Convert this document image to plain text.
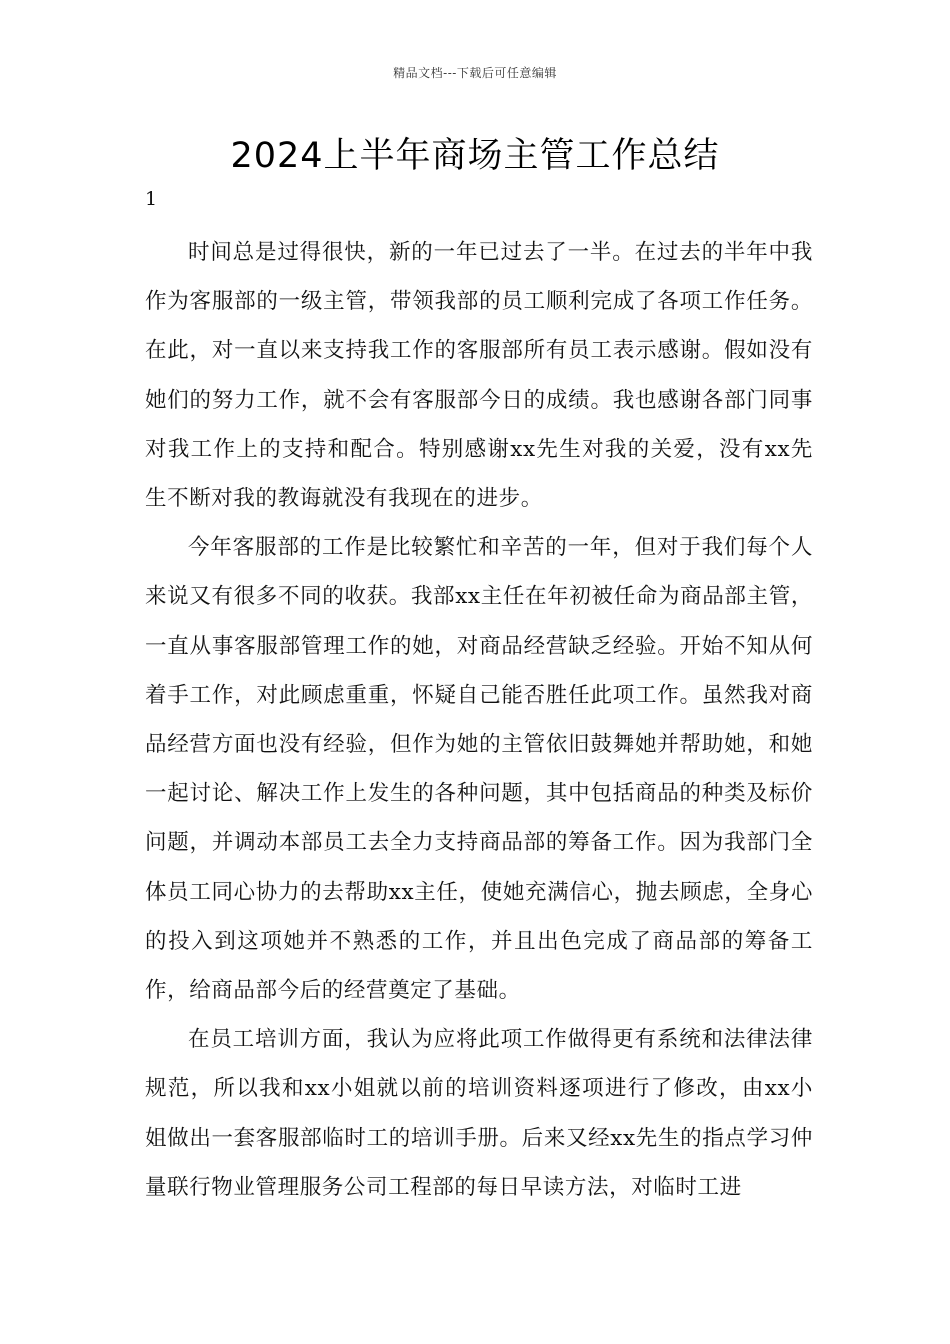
精品文档---下载后可任意编辑
2024上半年商场主管工作总结
1

时间总是过得很快，新的一年已过去了一半。在过去的半年中我作为客服部的一级主管，带领我部的员工顺利完成了各项工作任务。在此，对一直以来支持我工作的客服部所有员工表示感谢。假如没有她们的努力工作，就不会有客服部今日的成绩。我也感谢各部门同事对我工作上的支持和配合。特别感谢xx先生对我的关爱，没有xx先生不断对我的教诲就没有我现在的进步。

今年客服部的工作是比较繁忙和辛苦的一年，但对于我们每个人来说又有很多不同的收获。我部xx主任在年初被任命为商品部主管，一直从事客服部管理工作的她，对商品经营缺乏经验。开始不知从何着手工作，对此顾虑重重，怀疑自己能否胜任此项工作。虽然我对商品经营方面也没有经验，但作为她的主管依旧鼓舞她并帮助她，和她一起讨论、解决工作上发生的各种问题，其中包括商品的种类及标价问题，并调动本部员工去全力支持商品部的筹备工作。因为我部门全体员工同心协力的去帮助xx主任，使她充满信心，抛去顾虑，全身心的投入到这项她并不熟悉的工作，并且出色完成了商品部的筹备工作，给商品部今后的经营奠定了基础。

在员工培训方面，我认为应将此项工作做得更有系统和法律法律规范，所以我和xx小姐就以前的培训资料逐项进行了修改，由xx小姐做出一套客服部临时工的培训手册。后来又经xx先生的指点学习仲量联行物业管理服务公司工程部的每日早读方法，对临时工进
